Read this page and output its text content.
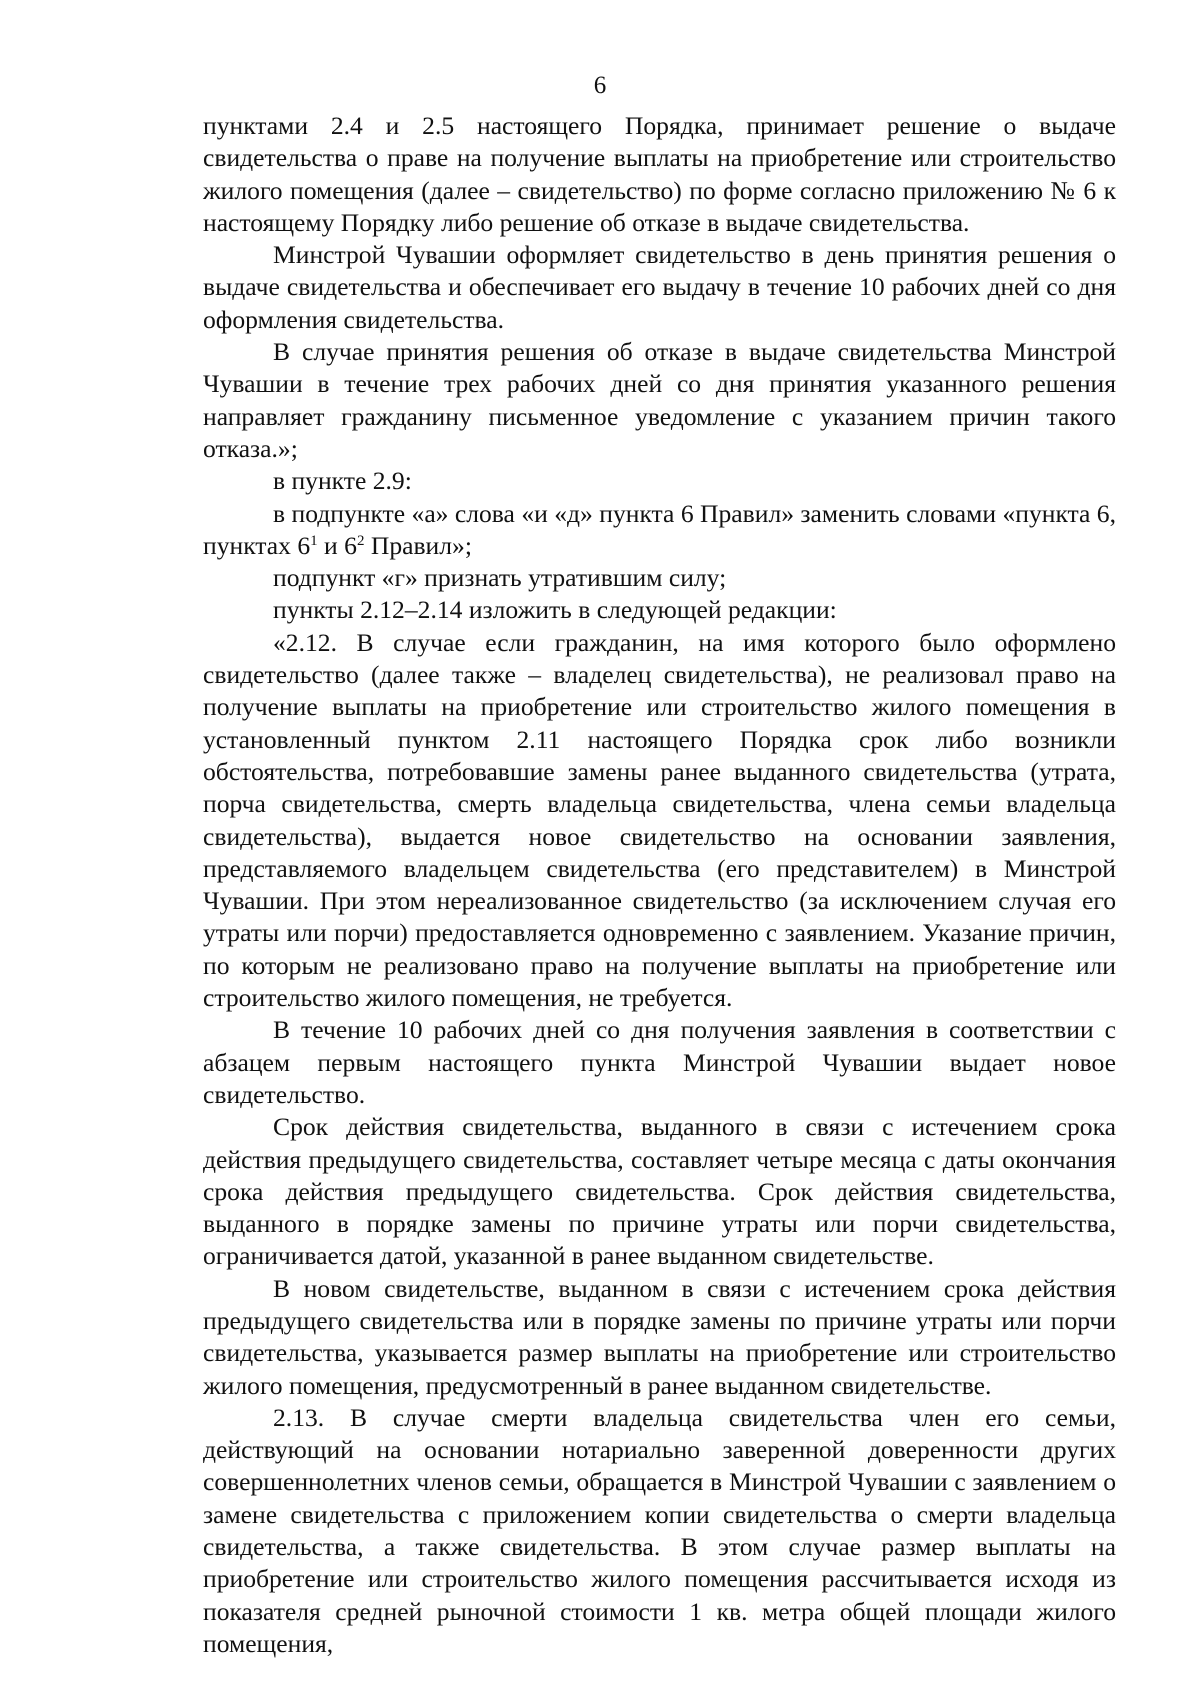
6

пунктами 2.4 и 2.5 настоящего Порядка, принимает решение о выдаче свидетельства о праве на получение выплаты на приобретение или строительство жилого помещения (далее – свидетельство) по форме согласно приложению № 6 к настоящему Порядку либо решение об отказе в выдаче свидетельства.

Минстрой Чувашии оформляет свидетельство в день принятия решения о выдаче свидетельства и обеспечивает его выдачу в течение 10 рабочих дней со дня оформления свидетельства.

В случае принятия решения об отказе в выдаче свидетельства Минстрой Чувашии в течение трех рабочих дней со дня принятия указанного решения направляет гражданину письменное уведомление с указанием причин такого отказа.»;

в пункте 2.9:

в подпункте «а» слова «и «д» пункта 6 Правил» заменить словами «пункта 6, пунктах $6^1$ и $6^2$ Правил»;

подпункт «г» признать утратившим силу;

пункты 2.12–2.14 изложить в следующей редакции:

«2.12. В случае если гражданин, на имя которого было оформлено свидетельство (далее также – владелец свидетельства), не реализовал право на получение выплаты на приобретение или строительство жилого помещения в установленный пунктом 2.11 настоящего Порядка срок либо возникли обстоятельства, потребовавшие замены ранее выданного свидетельства (утрата, порча свидетельства, смерть владельца свидетельства, члена семьи владельца свидетельства), выдается новое свидетельство на основании заявления, представляемого владельцем свидетельства (его представителем) в Минстрой Чувашии. При этом нереализованное свидетельство (за исключением случая его утраты или порчи) предоставляется одновременно с заявлением. Указание причин, по которым не реализовано право на получение выплаты на приобретение или строительство жилого помещения, не требуется.

В течение 10 рабочих дней со дня получения заявления в соответствии с абзацем первым настоящего пункта Минстрой Чувашии выдает новое свидетельство.

Срок действия свидетельства, выданного в связи с истечением срока действия предыдущего свидетельства, составляет четыре месяца с даты окончания срока действия предыдущего свидетельства. Срок действия свидетельства, выданного в порядке замены по причине утраты или порчи свидетельства, ограничивается датой, указанной в ранее выданном свидетельстве.

В новом свидетельстве, выданном в связи с истечением срока действия предыдущего свидетельства или в порядке замены по причине утраты или порчи свидетельства, указывается размер выплаты на приобретение или строительство жилого помещения, предусмотренный в ранее выданном свидетельстве.

2.13. В случае смерти владельца свидетельства член его семьи, действующий на основании нотариально заверенной доверенности других совершеннолетних членов семьи, обращается в Минстрой Чувашии с заявлением о замене свидетельства с приложением копии свидетельства о смерти владельца свидетельства, а также свидетельства. В этом случае размер выплаты на приобретение или строительство жилого помещения рассчитывается исходя из показателя средней рыночной стоимости 1 кв. метра общей площади жилого помещения,
